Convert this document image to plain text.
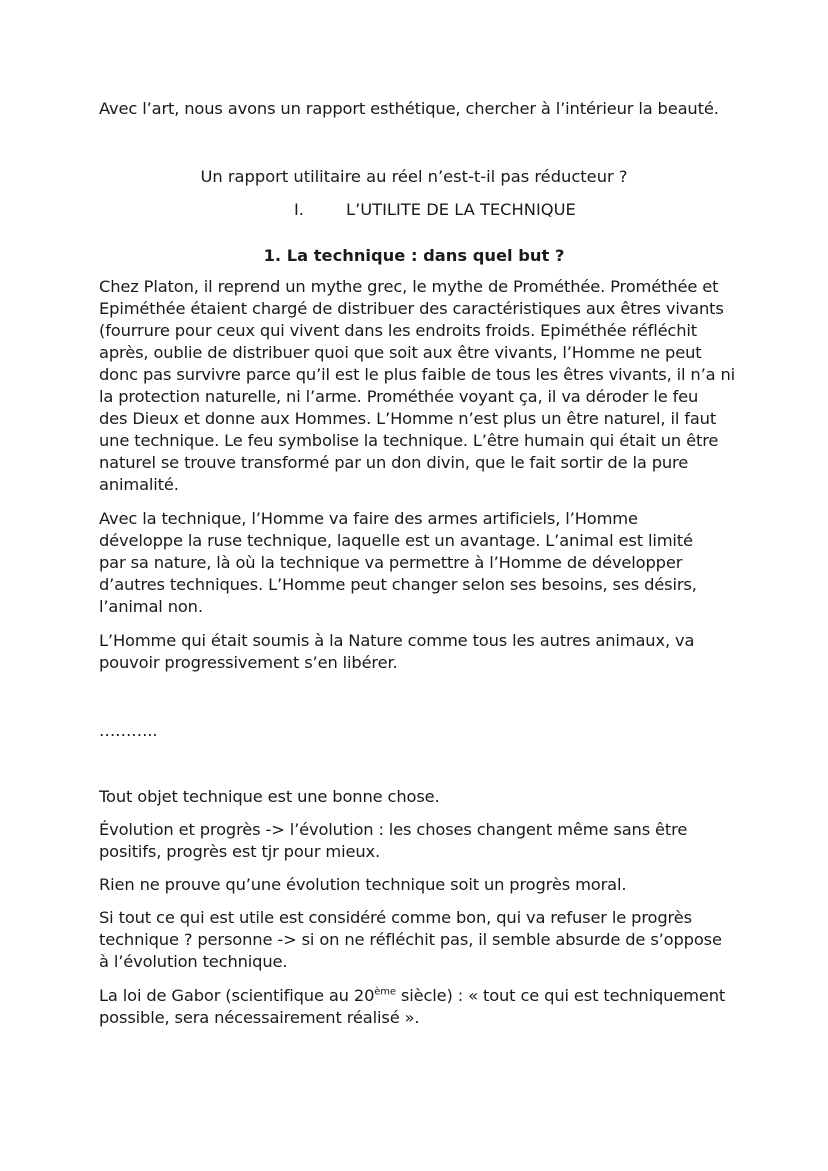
Avec l’art, nous avons un rapport esthétique, chercher à l’intérieur la beauté.
Un rapport utilitaire au réel n’est-t-il pas réducteur ?
I.	L’UTILITE DE LA TECHNIQUE
1. La technique : dans quel but ?
Chez Platon, il reprend un mythe grec, le mythe de Prométhée. Prométhée et
Epiméthée étaient chargé de distribuer des caractéristiques aux êtres vivants
(fourrure pour ceux qui vivent dans les endroits froids. Epiméthée réfléchit
après, oublie de distribuer quoi que soit aux être vivants, l’Homme ne peut
donc pas survivre parce qu’il est le plus faible de tous les êtres vivants, il n’a ni
la protection naturelle, ni l’arme. Prométhée voyant ça, il va déroder le feu
des Dieux et donne aux Hommes. L’Homme n’est plus un être naturel, il faut
une technique. Le feu symbolise la technique. L’être humain qui était un être
naturel se trouve transformé par un don divin, que le fait sortir de la pure
animalité.
Avec la technique, l’Homme va faire des armes artificiels, l’Homme
développe la ruse technique, laquelle est un avantage. L’animal est limité
par sa nature, là où la technique va permettre à l’Homme de développer
d’autres techniques. L’Homme peut changer selon ses besoins, ses désirs,
l’animal non.
L’Homme qui était soumis à la Nature comme tous les autres animaux, va
pouvoir progressivement s’en libérer.
………..
Tout objet technique est une bonne chose.
Évolution et progrès -> l’évolution : les choses changent même sans être
positifs, progrès est tjr pour mieux.
Rien ne prouve qu’une évolution technique soit un progrès moral.
Si tout ce qui est utile est considéré comme bon, qui va refuser le progrès
technique ? personne -> si on ne réfléchit pas, il semble absurde de s’oppose
à l’évolution technique.
La loi de Gabor (scientifique au 20ème siècle) : « tout ce qui est techniquement
possible, sera nécessairement réalisé ».
